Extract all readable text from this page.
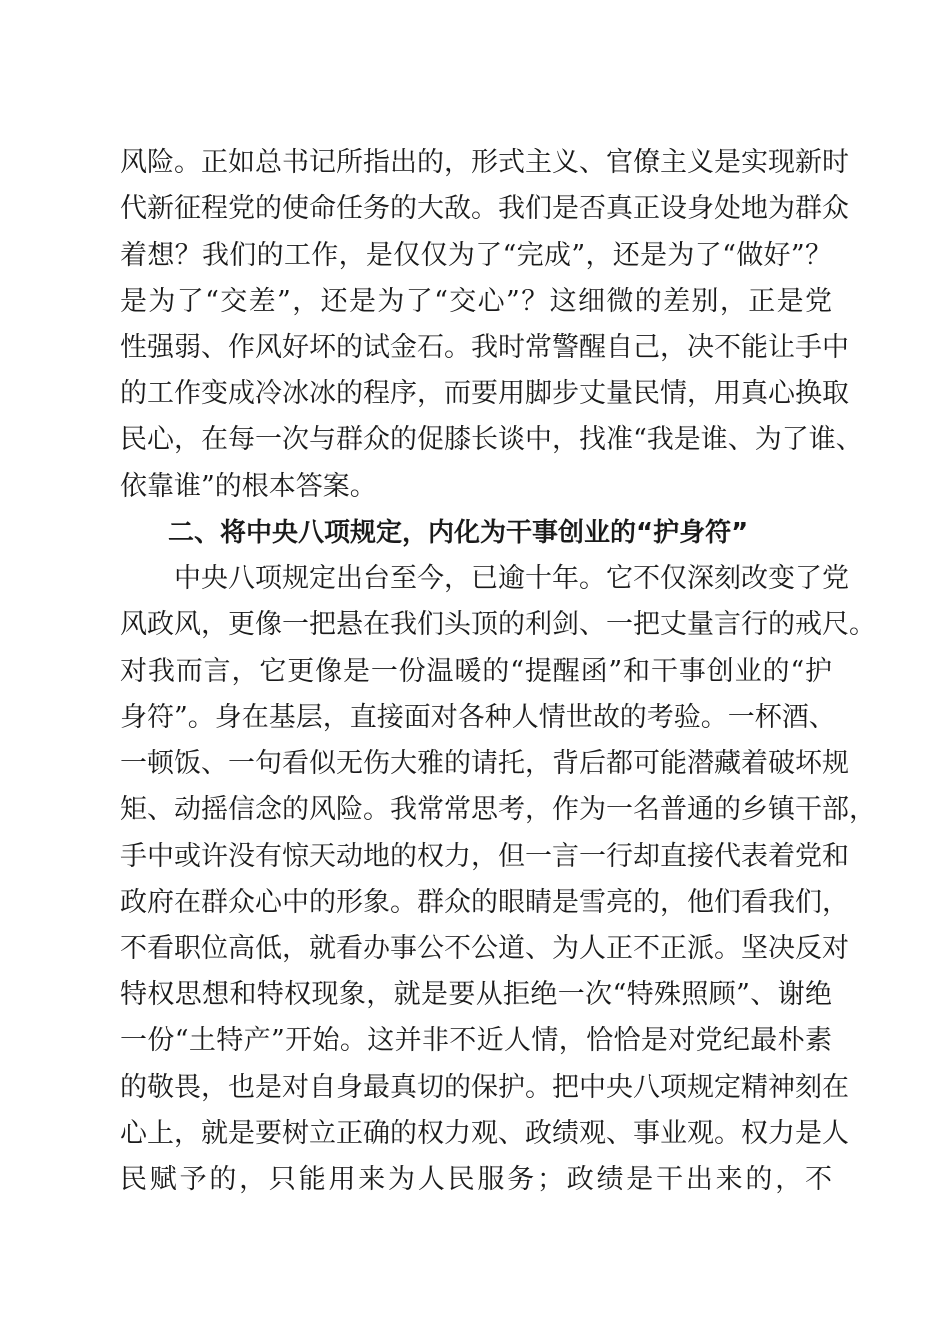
风险。正如总书记所指出的，形式主义、官僚主义是实现新时
代新征程党的使命任务的大敌。我们是否真正设身处地为群众
着想？我们的工作，是仅仅为了“完成”，还是为了“做好”？
是为了“交差”，还是为了“交心”？这细微的差别，正是党
性强弱、作风好坏的试金石。我时常警醒自己，决不能让手中
的工作变成冷冰冰的程序，而要用脚步丈量民情，用真心换取
民心，在每一次与群众的促膝长谈中，找准“我是谁、为了谁、
依靠谁”的根本答案。
二、将中央八项规定，内化为干事创业的“护身符”
　　中央八项规定出台至今，已逾十年。它不仅深刻改变了党
风政风，更像一把悬在我们头顶的利剑、一把丈量言行的戒尺。
对我而言，它更像是一份温暖的“提醒函”和干事创业的“护
身符”。身在基层，直接面对各种人情世故的考验。一杯酒、
一顿饭、一句看似无伤大雅的请托，背后都可能潜藏着破坏规
矩、动摇信念的风险。我常常思考，作为一名普通的乡镇干部，
手中或许没有惊天动地的权力，但一言一行却直接代表着党和
政府在群众心中的形象。群众的眼睛是雪亮的，他们看我们，
不看职位高低，就看办事公不公道、为人正不正派。坚决反对
特权思想和特权现象，就是要从拒绝一次“特殊照顾”、谢绝
一份“土特产”开始。这并非不近人情，恰恰是对党纪最朴素
的敬畏，也是对自身最真切的保护。把中央八项规定精神刻在
心上，就是要树立正确的权力观、政绩观、事业观。权力是人
民赋予的，只能用来为人民服务；政绩是干出来的，不
